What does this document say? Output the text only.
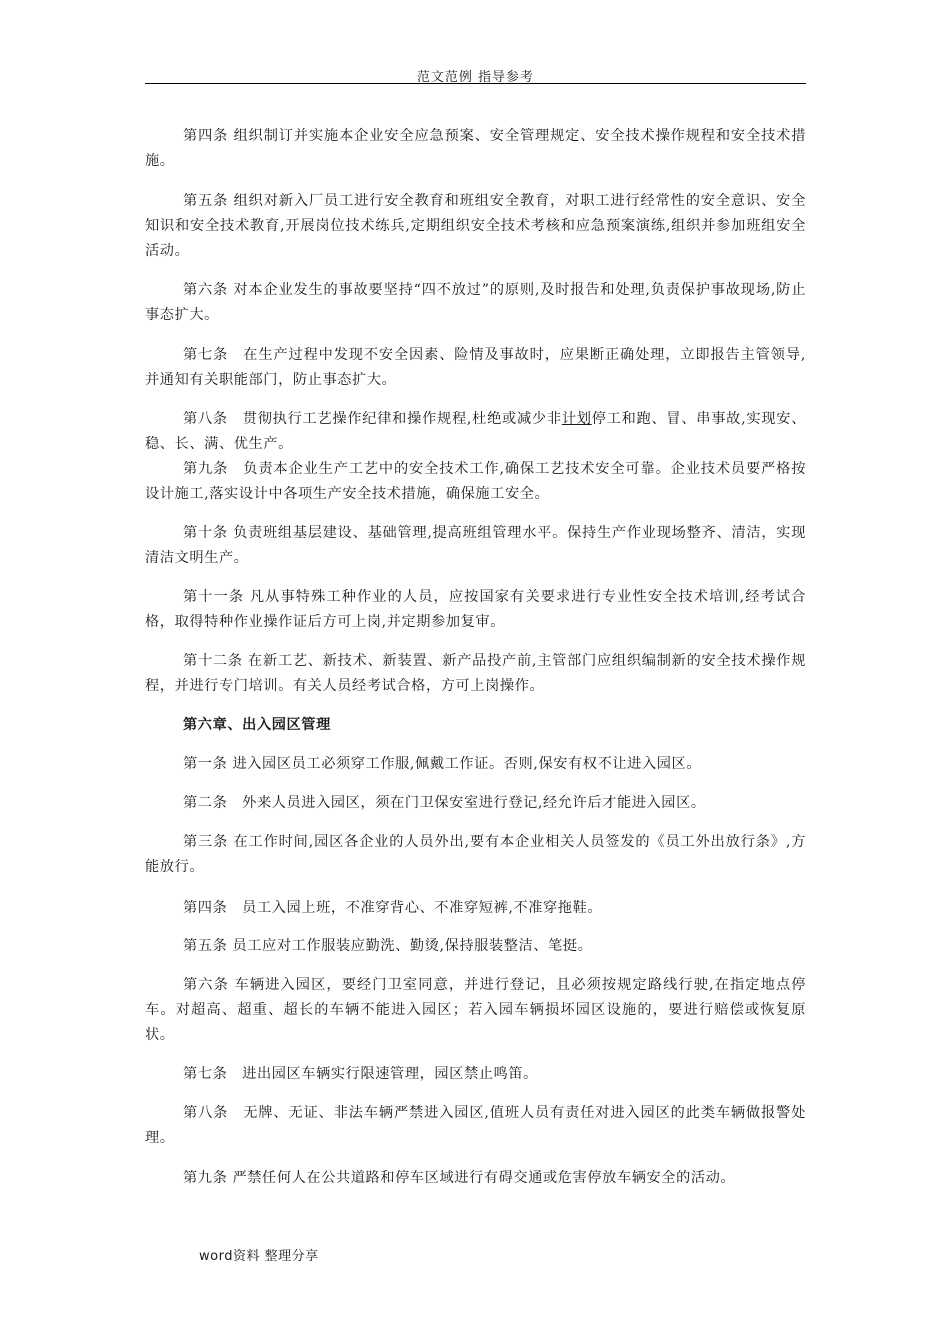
范文范例 指导参考

第四条 组织制订并实施本企业安全应急预案、安全管理规定、安全技术操作规程和安全技术措施。

第五条 组织对新入厂员工进行安全教育和班组安全教育，对职工进行经常性的安全意识、安全知识和安全技术教育,开展岗位技术练兵,定期组织安全技术考核和应急预案演练,组织并参加班组安全活动。

第六条 对本企业发生的事故要坚持“四不放过”的原则,及时报告和处理,负责保护事故现场,防止事态扩大。

第七条　在生产过程中发现不安全因素、险情及事故时，应果断正确处理，立即报告主管领导,并通知有关职能部门，防止事态扩大。

第八条　贯彻执行工艺操作纪律和操作规程,杜绝或减少非计划停工和跑、冒、串事故,实现安、稳、长、满、优生产。

第九条　负责本企业生产工艺中的安全技术工作,确保工艺技术安全可靠。企业技术员要严格按设计施工,落实设计中各项生产安全技术措施，确保施工安全。

第十条 负责班组基层建设、基础管理,提高班组管理水平。保持生产作业现场整齐、清洁，实现清洁文明生产。

第十一条 凡从事特殊工种作业的人员，应按国家有关要求进行专业性安全技术培训,经考试合格，取得特种作业操作证后方可上岗,并定期参加复审。

第十二条 在新工艺、新技术、新装置、新产品投产前,主管部门应组织编制新的安全技术操作规程，并进行专门培训。有关人员经考试合格，方可上岗操作。

第六章、出入园区管理

第一条 进入园区员工必须穿工作服,佩戴工作证。否则,保安有权不让进入园区。

第二条　外来人员进入园区，须在门卫保安室进行登记,经允许后才能进入园区。

第三条 在工作时间,园区各企业的人员外出,要有本企业相关人员签发的《员工外出放行条》,方能放行。

第四条　员工入园上班，不准穿背心、不准穿短裤,不准穿拖鞋。

第五条 员工应对工作服装应勤洗、勤烫,保持服装整洁、笔挺。

第六条 车辆进入园区，要经门卫室同意，并进行登记，且必须按规定路线行驶,在指定地点停车。对超高、超重、超长的车辆不能进入园区；若入园车辆损坏园区设施的，要进行赔偿或恢复原状。

第七条　进出园区车辆实行限速管理，园区禁止鸣笛。

第八条　无牌、无证、非法车辆严禁进入园区,值班人员有责任对进入园区的此类车辆做报警处理。

第九条 严禁任何人在公共道路和停车区域进行有碍交通或危害停放车辆安全的活动。

word资料 整理分享
